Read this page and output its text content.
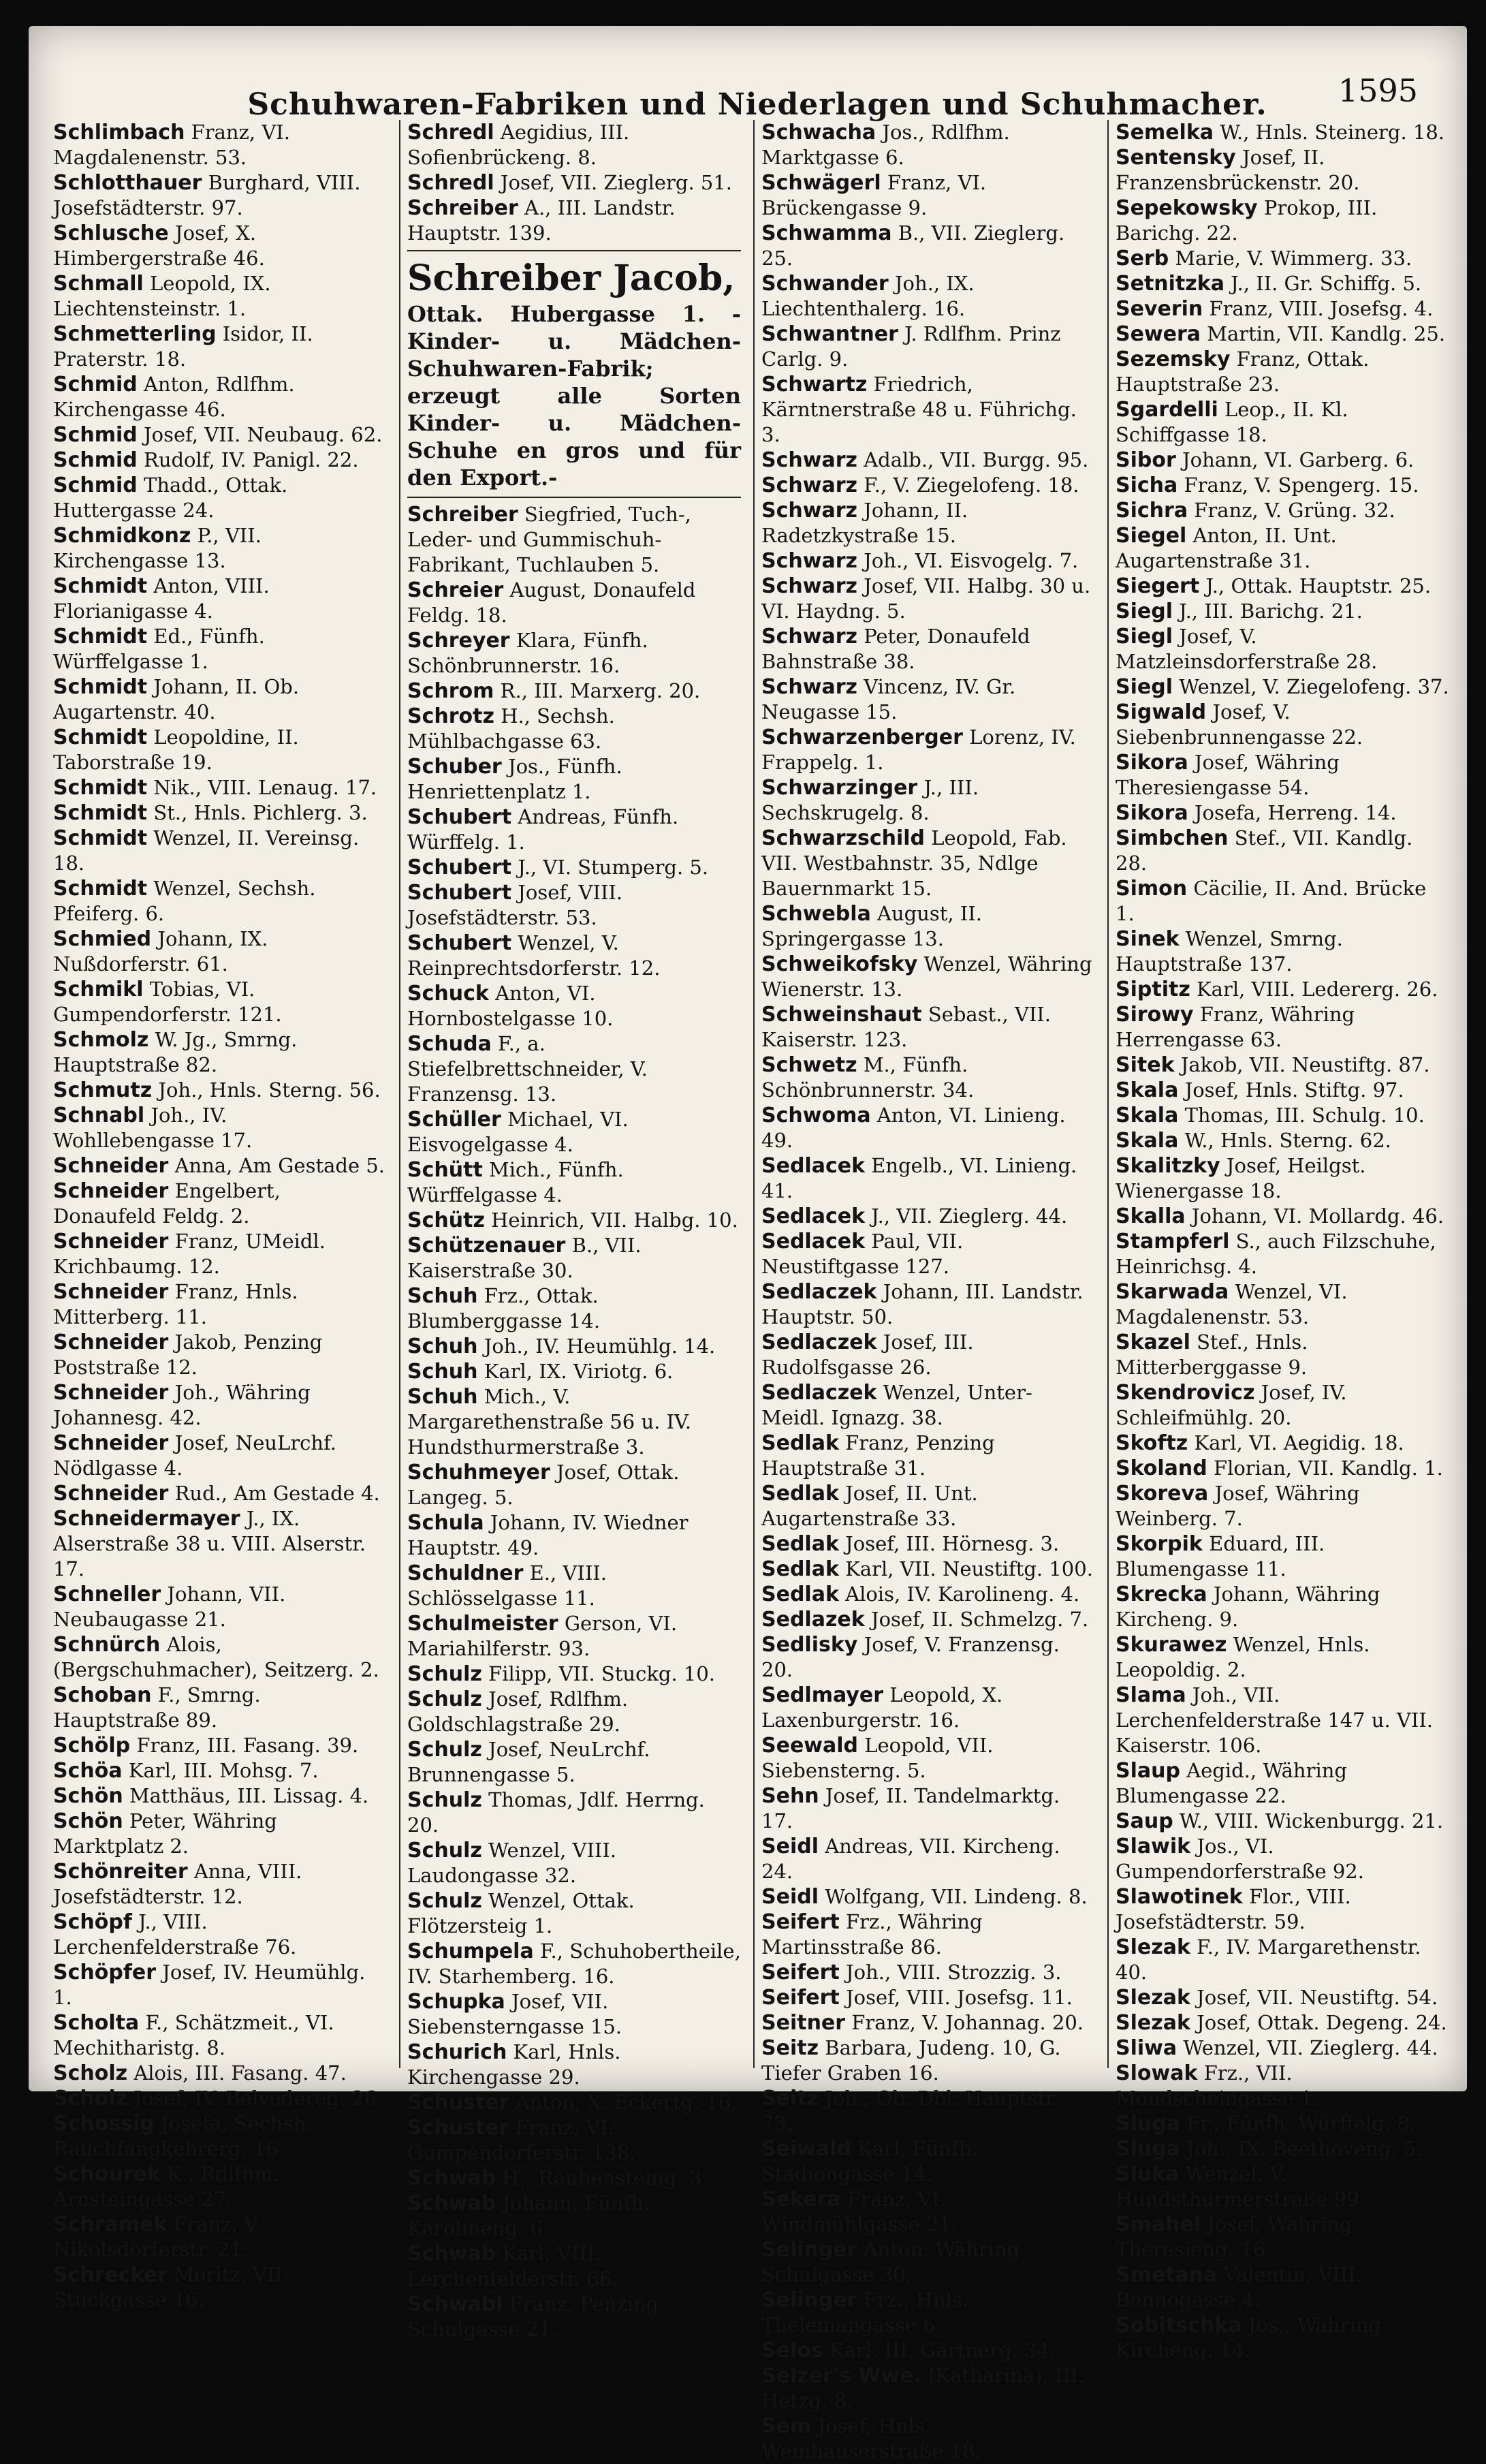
Schuhwaren-Fabriken und Niederlagen und Schuhmacher.	1595

Schlimbach Franz, VI. Magdalenenstr. 53.

Schlotthauer Burghard, VIII. Josefstädterstr. 97.

Schlusche Josef, X. Himbergerstraße 46.

Schmall Leopold, IX. Liechtensteinstr. 1.

Schmetterling Isidor, II. Praterstr. 18.

Schmid Anton, Rdlfhm. Kirchengasse 46.

Schmid Josef, VII. Neubaug. 62.

Schmid Rudolf, IV. Panigl. 22.

Schmid Thadd., Ottak. Huttergasse 24.

Schmidkonz P., VII. Kirchengasse 13.

Schmidt Anton, VIII. Florianigasse 4.

Schmidt Ed., Fünfh. Würffelgasse 1.

Schmidt Johann, II. Ob. Augartenstr. 40.

Schmidt Leopoldine, II. Taborstraße 19.

Schmidt Nik., VIII. Lenaug. 17.

Schmidt St., Hnls. Pichlerg. 3.

Schmidt Wenzel, II. Vereinsg. 18.

Schmidt Wenzel, Sechsh. Pfeiferg. 6.

Schmied Johann, IX. Nußdorferstr. 61.

Schmikl Tobias, VI. Gumpendorferstr. 121.

Schmolz W. Jg., Smrng. Hauptstraße 82.

Schmutz Joh., Hnls. Sterng. 56.

Schnabl Joh., IV. Wohllebengasse 17.

Schneider Anna, Am Gestade 5.

Schneider Engelbert, Donaufeld Feldg. 2.

Schneider Franz, UMeidl. Krichbaumg. 12.

Schneider Franz, Hnls. Mitterberg. 11.

Schneider Jakob, Penzing Poststraße 12.

Schneider Joh., Währing Johannesg. 42.

Schneider Josef, NeuLrchf. Nödlgasse 4.

Schneider Rud., Am Gestade 4.

Schneidermayer J., IX. Alserstraße 38 u. VIII. Alserstr. 17.

Schneller Johann, VII. Neubaugasse 21.

Schnürch Alois, (Bergschuhmacher), Seitzerg. 2.

Schoban F., Smrng. Hauptstraße 89.

Schölp Franz, III. Fasang. 39.

Schöa Karl, III. Mohsg. 7.

Schön Matthäus, III. Lissag. 4.

Schön Peter, Währing Marktplatz 2.

Schönreiter Anna, VIII. Josefstädterstr. 12.

Schöpf J., VIII. Lerchenfelderstraße 76.

Schöpfer Josef, IV. Heumühlg. 1.

Scholta F., Schätzmeit., VI. Mechitharistg. 8.

Scholz Alois, III. Fasang. 47.

Scholz Josef, IV. Belvedereg. 26.

Schossig Josefa, Sechsh. Rauchfangkehrerg. 16.

Schourek K., Rdlfhm. Arnsteingasse 27.

Schramek Franz, V. Nikolsdorferstr. 21.

Schrecker Moritz, VII. Stuckgasse 16.

Schredl Aegidius, III. Sofienbrückeng. 8.

Schredl Josef, VII. Zieglerg. 51.

Schreiber A., III. Landstr. Hauptstr. 139.

Schreiber Jacob,
Ottak. Hubergasse 1. -Kinder- u. Mädchen-Schuhwaren-Fabrik; erzeugt alle Sorten Kinder- u. Mädchen-Schuhe en gros und für den Export.-

Schreiber Siegfried, Tuch-, Leder- und Gummischuh-Fabrikant, Tuchlauben 5.

Schreier August, Donaufeld Feldg. 18.

Schreyer Klara, Fünfh. Schönbrunnerstr. 16.

Schrom R., III. Marxerg. 20.

Schrotz H., Sechsh. Mühlbachgasse 63.

Schuber Jos., Fünfh. Henriettenplatz 1.

Schubert Andreas, Fünfh. Würffelg. 1.

Schubert J., VI. Stumperg. 5.

Schubert Josef, VIII. Josefstädterstr. 53.

Schubert Wenzel, V. Reinprechtsdorferstr. 12.

Schuck Anton, VI. Hornbostelgasse 10.

Schuda F., a. Stiefelbrettschneider, V. Franzensg. 13.

Schüller Michael, VI. Eisvogelgasse 4.

Schütt Mich., Fünfh. Würffelgasse 4.

Schütz Heinrich, VII. Halbg. 10.

Schützenauer B., VII. Kaiserstraße 30.

Schuh Frz., Ottak. Blumberggasse 14.

Schuh Joh., IV. Heumühlg. 14.

Schuh Karl, IX. Viriotg. 6.

Schuh Mich., V. Margarethenstraße 56 u. IV. Hundsthurmerstraße 3.

Schuhmeyer Josef, Ottak. Langeg. 5.

Schula Johann, IV. Wiedner Hauptstr. 49.

Schuldner E., VIII. Schlösselgasse 11.

Schulmeister Gerson, VI. Mariahilferstr. 93.

Schulz Filipp, VII. Stuckg. 10.

Schulz Josef, Rdlfhm. Goldschlagstraße 29.

Schulz Josef, NeuLrchf. Brunnengasse 5.

Schulz Thomas, Jdlf. Herrng. 20.

Schulz Wenzel, VIII. Laudongasse 32.

Schulz Wenzel, Ottak. Flötzersteig 1.

Schumpela F., Schuhobertheile, IV. Starhemberg. 16.

Schupka Josef, VII. Siebensterngasse 15.

Schurich Karl, Hnls. Kirchengasse 29.

Schuster Anton, X. Eckertg. 16.

Schuster Franz, VI. Gumpendorferstr. 138.

Schwab H., Rauhensteing. 3.

Schwab Johann, Fünfh. Karolineng. 6.

Schwab Karl, VIII. Lerchenfelderstr. 66.

Schwabl Franz, Penzing Schulgasse 21.

Schwacha Jos., Rdlfhm. Marktgasse 6.

Schwägerl Franz, VI. Brückengasse 9.

Schwamma B., VII. Zieglerg. 25.

Schwander Joh., IX. Liechtenthalerg. 16.

Schwantner J. Rdlfhm. Prinz Carlg. 9.

Schwartz Friedrich, Kärntnerstraße 48 u. Führichg. 3.

Schwarz Adalb., VII. Burgg. 95.

Schwarz F., V. Ziegelofeng. 18.

Schwarz Johann, II. Radetzkystraße 15.

Schwarz Joh., VI. Eisvogelg. 7.

Schwarz Josef, VII. Halbg. 30 u. VI. Haydng. 5.

Schwarz Peter, Donaufeld Bahnstraße 38.

Schwarz Vincenz, IV. Gr. Neugasse 15.

Schwarzenberger Lorenz, IV. Frappelg. 1.

Schwarzinger J., III. Sechskrugelg. 8.

Schwarzschild Leopold, Fab. VII. Westbahnstr. 35, Ndlge Bauernmarkt 15.

Schwebla August, II. Springergasse 13.

Schweikofsky Wenzel, Währing Wienerstr. 13.

Schweinshaut Sebast., VII. Kaiserstr. 123.

Schwetz M., Fünfh. Schönbrunnerstr. 34.

Schwoma Anton, VI. Linieng. 49.

Sedlacek Engelb., VI. Linieng. 41.

Sedlacek J., VII. Zieglerg. 44.

Sedlacek Paul, VII. Neustiftgasse 127.

Sedlaczek Johann, III. Landstr. Hauptstr. 50.

Sedlaczek Josef, III. Rudolfsgasse 26.

Sedlaczek Wenzel, Unter-Meidl. Ignazg. 38.

Sedlak Franz, Penzing Hauptstraße 31.

Sedlak Josef, II. Unt. Augartenstraße 33.

Sedlak Josef, III. Hörnesg. 3.

Sedlak Karl, VII. Neustiftg. 100.

Sedlak Alois, IV. Karolineng. 4.

Sedlazek Josef, II. Schmelzg. 7.

Sedlisky Josef, V. Franzensg. 20.

Sedlmayer Leopold, X. Laxenburgerstr. 16.

Seewald Leopold, VII. Siebensterng. 5.

Sehn Josef, II. Tandelmarktg. 17.

Seidl Andreas, VII. Kircheng. 24.

Seidl Wolfgang, VII. Lindeng. 8.

Seifert Frz., Währing Martinsstraße 86.

Seifert Joh., VIII. Strozzig. 3.

Seifert Josef, VIII. Josefsg. 11.

Seitner Franz, V. Johannag. 20.

Seitz Barbara, Judeng. 10, G. Tiefer Graben 16.

Seitz Joh., Ob. Dbl. Hauptstr. 73.

Seiwald Karl, Fünfh. Stadiongasse 14.

Sekera Franz, VI. Windmühlgasse 21.

Selinger Anton, Währing Schulgasse 30.

Selinger Frz., Hnls. Thelemangasse 6.

Selos Karl, III. Gärtnerg. 34.

Selzer's Wwe. (Katharina), III. Hetzg. 8.

Sem Josef, Hnls. Weinhauserstraße 18.

Semelka W., Hnls. Steinerg. 18.

Sentensky Josef, II. Franzensbrückenstr. 20.

Sepekowsky Prokop, III. Barichg. 22.

Serb Marie, V. Wimmerg. 33.

Setnitzka J., II. Gr. Schiffg. 5.

Severin Franz, VIII. Josefsg. 4.

Sewera Martin, VII. Kandlg. 25.

Sezemsky Franz, Ottak. Hauptstraße 23.

Sgardelli Leop., II. Kl. Schiffgasse 18.

Sibor Johann, VI. Garberg. 6.

Sicha Franz, V. Spengerg. 15.

Sichra Franz, V. Grüng. 32.

Siegel Anton, II. Unt. Augartenstraße 31.

Siegert J., Ottak. Hauptstr. 25.

Siegl J., III. Barichg. 21.

Siegl Josef, V. Matzleinsdorferstraße 28.

Siegl Wenzel, V. Ziegelofeng. 37.

Sigwald Josef, V. Siebenbrunnengasse 22.

Sikora Josef, Währing Theresiengasse 54.

Sikora Josefa, Herreng. 14.

Simbchen Stef., VII. Kandlg. 28.

Simon Cäcilie, II. And. Brücke 1.

Sinek Wenzel, Smrng. Hauptstraße 137.

Siptitz Karl, VIII. Ledererg. 26.

Sirowy Franz, Währing Herrengasse 63.

Sitek Jakob, VII. Neustiftg. 87.

Skala Josef, Hnls. Stiftg. 97.

Skala Thomas, III. Schulg. 10.

Skala W., Hnls. Sterng. 62.

Skalitzky Josef, Heilgst. Wienergasse 18.

Skalla Johann, VI. Mollardg. 46.

Stampferl S., auch Filzschuhe, Heinrichsg. 4.

Skarwada Wenzel, VI. Magdalenenstr. 53.

Skazel Stef., Hnls. Mitterberggasse 9.

Skendrovicz Josef, IV. Schleifmühlg. 20.

Skoftz Karl, VI. Aegidig. 18.

Skoland Florian, VII. Kandlg. 1.

Skoreva Josef, Währing Weinberg. 7.

Skorpik Eduard, III. Blumengasse 11.

Skrecka Johann, Währing Kircheng. 9.

Skurawez Wenzel, Hnls. Leopoldig. 2.

Slama Joh., VII. Lerchenfelderstraße 147 u. VII. Kaiserstr. 106.

Slaup Aegid., Währing Blumengasse 22.

Saup W., VIII. Wickenburgg. 21.

Slawik Jos., VI. Gumpendorferstraße 92.

Slawotinek Flor., VIII. Josefstädterstr. 59.

Slezak F., IV. Margarethenstr. 40.

Slezak Josef, VII. Neustiftg. 54.

Slezak Josef, Ottak. Degeng. 24.

Sliwa Wenzel, VII. Zieglerg. 44.

Slowak Frz., VII. Mondscheingasse 1.

Sluga Fr., Fünfh. Würffelg. 8.

Sluga Joh., IX. Beethoveng. 5.

Sluka Wenzel, V. Hundsthurmerstraße 99.

Smahel Josef, Währing Theresieng. 16.

Smetana Valentin, VIII. Bennogasse 4.

Sobitschka Jos., Währing Kircheng. 14.
